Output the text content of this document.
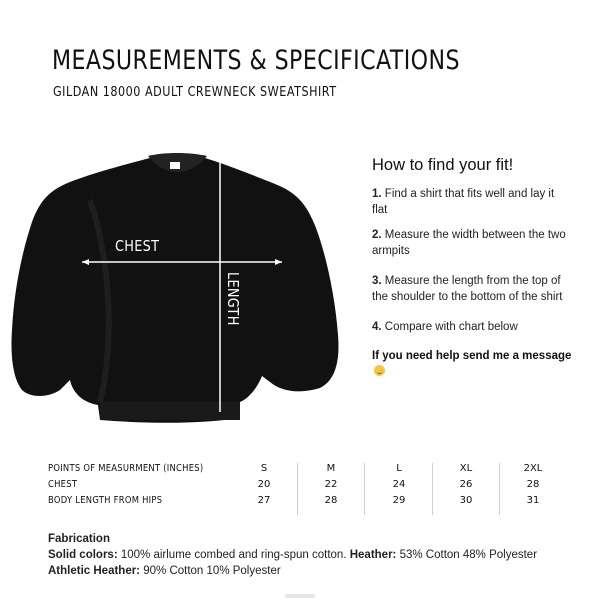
MEASUREMENTS & SPECIFICATIONS
GILDAN 18000 ADULT CREWNECK SWEATSHIRT
CHEST
LENGTH
How to find your fit!
1. Find a shirt that fits well and lay it flat
2. Measure the width between the two armpits
3. Measure the length from the top of the shoulder to the bottom of the shirt
4. Compare with chart below
If you need help send me a message
POINTS OF MEASURMENT (INCHES)	S	M	L	XL	2XL
CHEST	20	22	24	26	28
BODY LENGTH FROM HIPS	27	28	29	30	31
Fabrication
Solid colors: 100% airlume combed and ring-spun cotton. Heather: 53% Cotton 48% Polyester
Athletic Heather: 90% Cotton 10% Polyester
